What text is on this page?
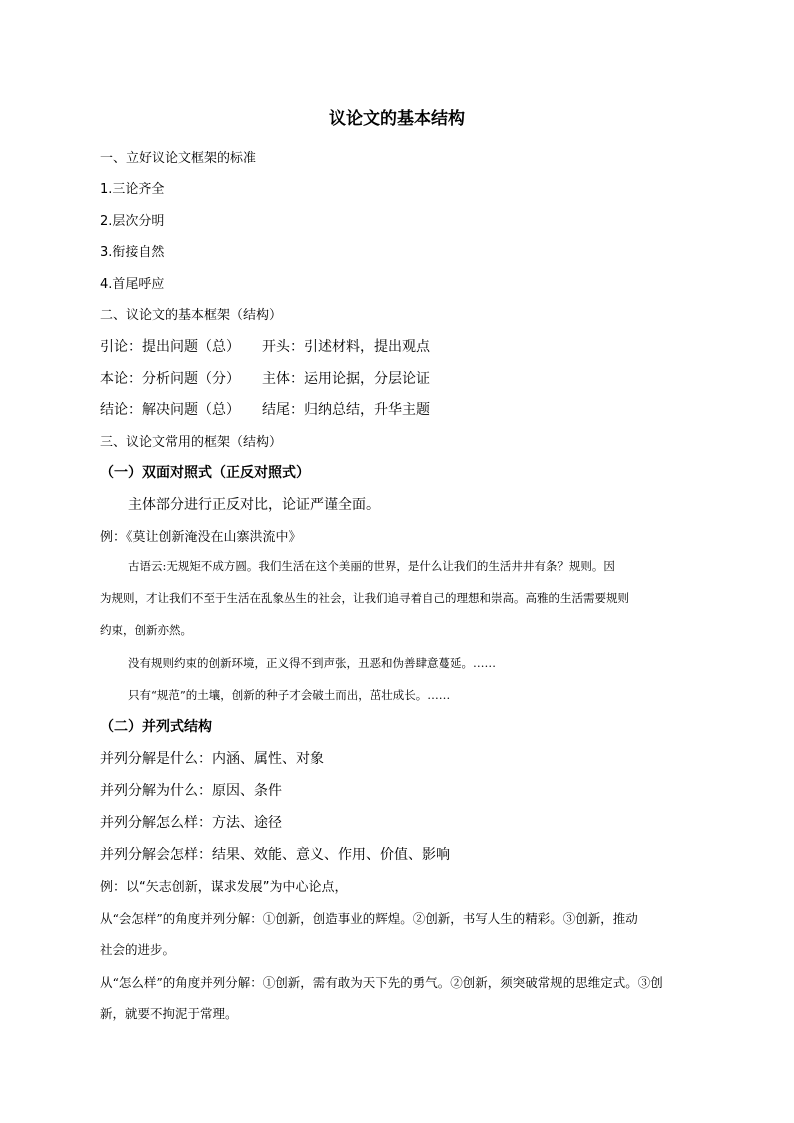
议论文的基本结构
一、立好议论文框架的标准
1.三论齐全
2.层次分明
3.衔接自然
4.首尾呼应
二、议论文的基本框架（结构）
引论：提出问题（总） 开头：引述材料，提出观点
本论：分析问题（分） 主体：运用论据，分层论证
结论：解决问题（总） 结尾：归纳总结，升华主题
三、议论文常用的框架（结构）
（一）双面对照式（正反对照式）
主体部分进行正反对比，论证严谨全面。
例：《莫让创新淹没在山寨洪流中》
古语云:无规矩不成方圆。我们生活在这个美丽的世界，是什么让我们的生活井井有条？规则。因
为规则，才让我们不至于生活在乱象丛生的社会，让我们追寻着自己的理想和崇高。高雅的生活需要规则
约束，创新亦然。
没有规则约束的创新环境，正义得不到声张，丑恶和伪善肆意蔓延。……
只有“规范”的土壤，创新的种子才会破土而出，茁壮成长。……
（二）并列式结构
并列分解是什么：内涵、属性、对象
并列分解为什么：原因、条件
并列分解怎么样：方法、途径
并列分解会怎样：结果、效能、意义、作用、价值、影响
例：以“矢志创新，谋求发展”为中心论点，
从“会怎样”的角度并列分解：①创新，创造事业的辉煌。②创新，书写人生的精彩。③创新，推动
社会的进步。
从“怎么样”的角度并列分解：①创新，需有敢为天下先的勇气。②创新，须突破常规的思维定式。③创
新，就要不拘泥于常理。
